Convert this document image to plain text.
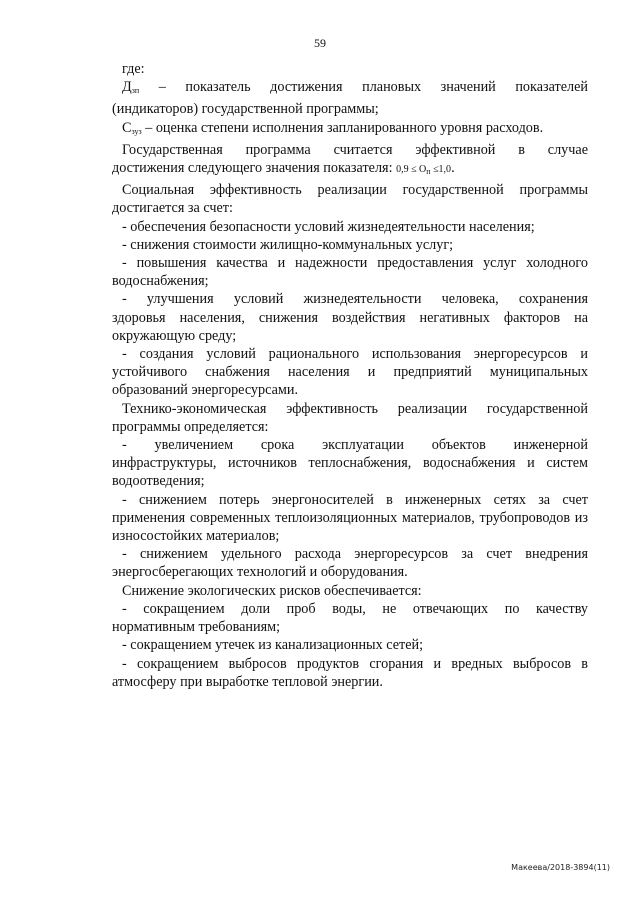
59

где:

$Д_{зп}$ – показатель достижения плановых значений показателей

(индикаторов) государственной программы;

$С_{зуз}$ – оценка степени исполнения запланированного уровня расходов.

Государственная программа считается эффективной в случае

достижения следующего значения показателя: $0,9 \le О_п \le 1,0$.

Социальная эффективность реализации государственной программы

достигается за счет:

- обеспечения безопасности условий жизнедеятельности населения;

- снижения стоимости жилищно-коммунальных услуг;

- повышения качества и надежности предоставления услуг холодного

водоснабжения;

- улучшения условий жизнедеятельности человека, сохранения

здоровья населения, снижения воздействия негативных факторов на

окружающую среду;

- создания условий рационального использования энергоресурсов и

устойчивого снабжения населения и предприятий муниципальных

образований энергоресурсами.

Технико-экономическая эффективность реализации государственной

программы определяется:

- увеличением срока эксплуатации объектов инженерной

инфраструктуры, источников теплоснабжения, водоснабжения и систем

водоотведения;

- снижением потерь энергоносителей в инженерных сетях за счет

применения современных теплоизоляционных материалов, трубопроводов из

износостойких материалов;

- снижением удельного расхода энергоресурсов за счет внедрения

энергосберегающих технологий и оборудования.

Снижение экологических рисков обеспечивается:

- сокращением доли проб воды, не отвечающих по качеству

нормативным требованиям;

- сокращением утечек из канализационных сетей;

- сокращением выбросов продуктов сгорания и вредных выбросов в

атмосферу при выработке тепловой энергии.

Макеева/2018-3894(11)
